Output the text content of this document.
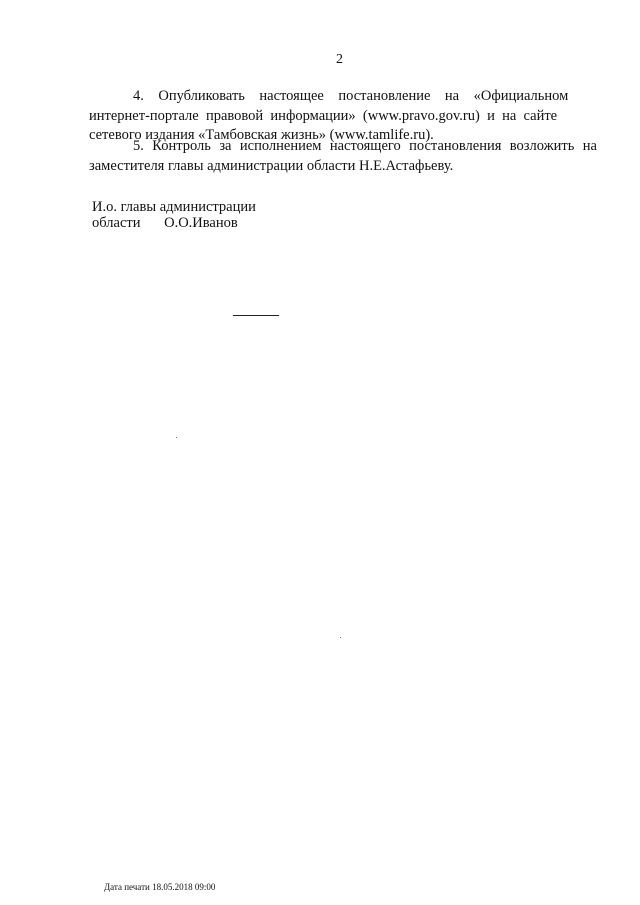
2
4.    Опубликовать    настоящее    постановление    на    «Официальном
интернет-портале  правовой  информации»  (www.pravo.gov.ru)  и  на  сайте
сетевого издания «Тамбовская жизнь» (www.tamlife.ru).
5. Контроль за исполнением настоящего постановления возложить на
заместителя главы администрации области Н.Е.Астафьеву.
И.о. главы администрации
области О.О.Иванов
Дата печати 18.05.2018 09:00
